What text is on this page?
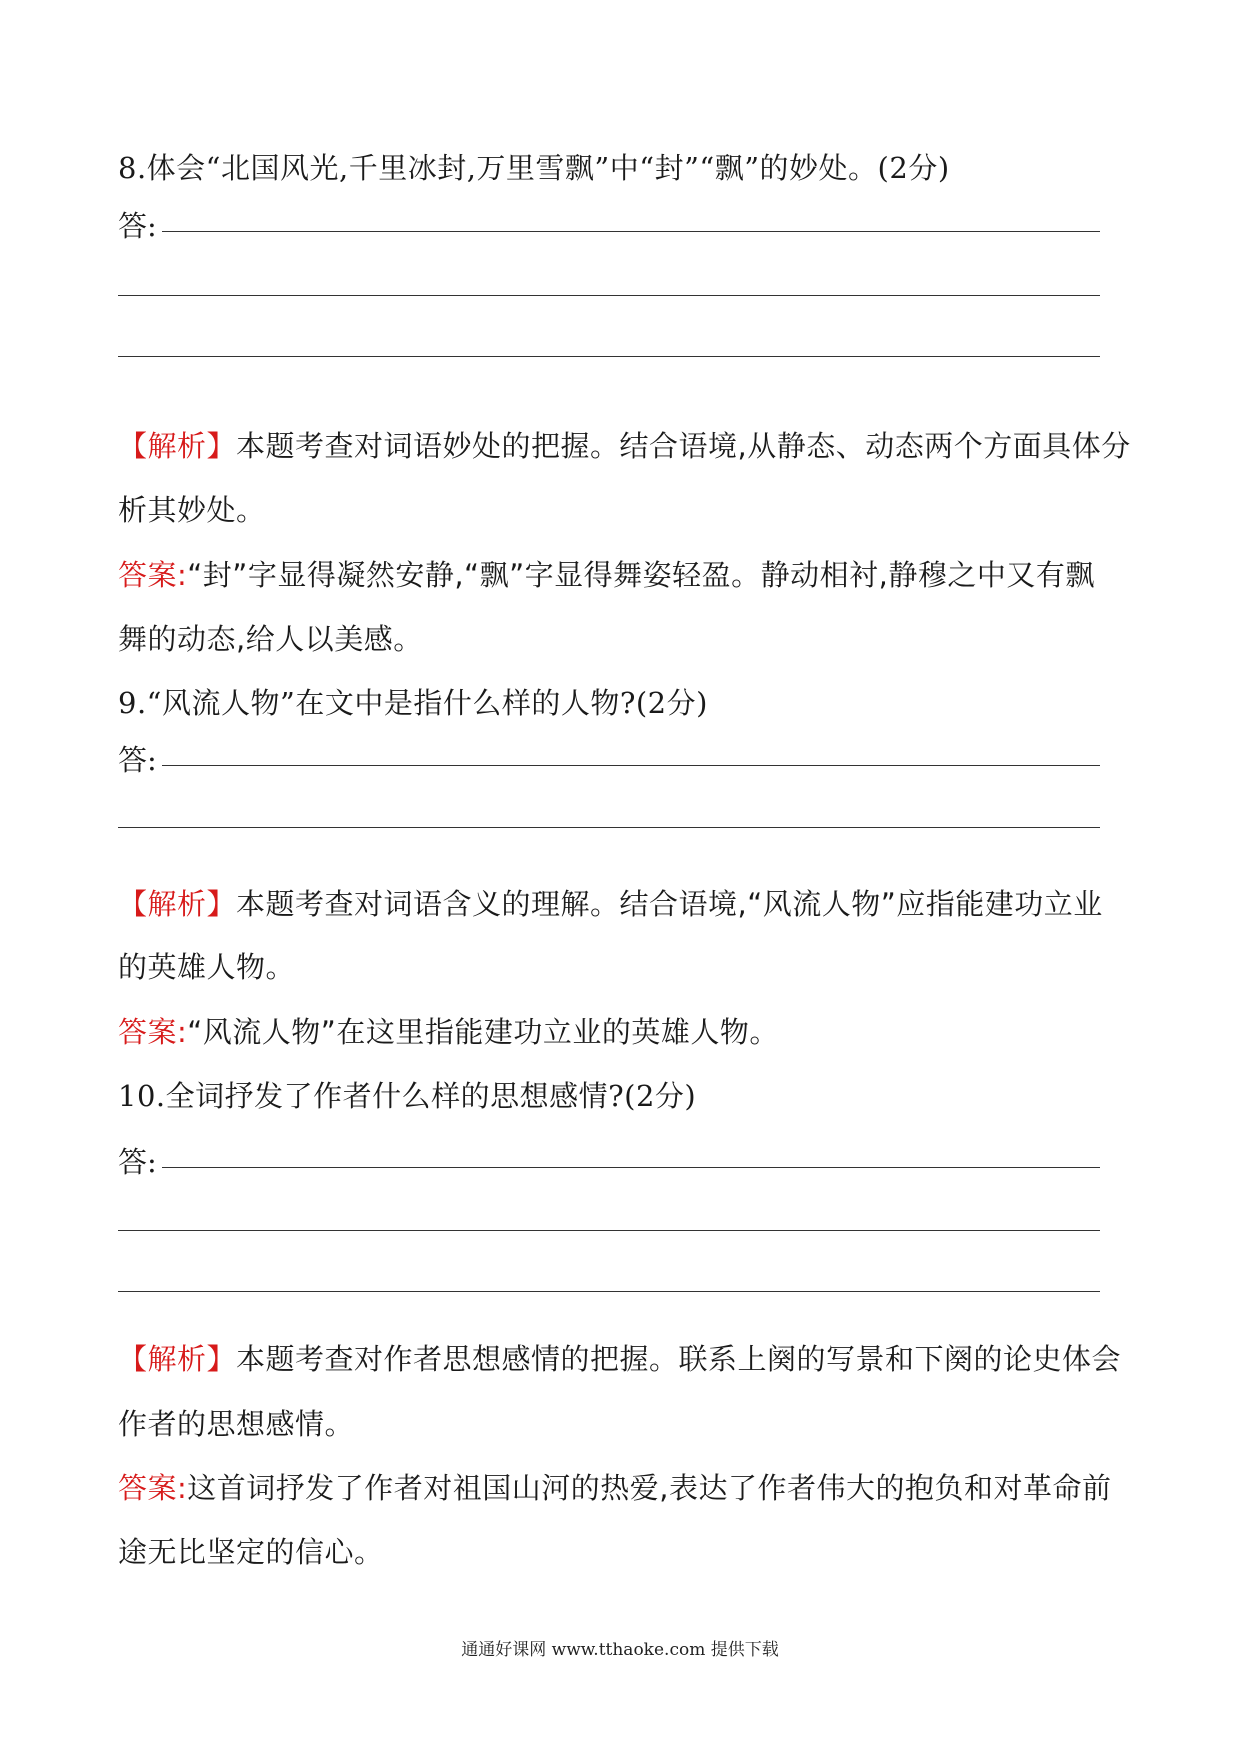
8.体会“北国风光,千里冰封,万里雪飘”中“封”“飘”的妙处。(2分)
答:
【解析】本题考查对词语妙处的把握。结合语境,从静态、动态两个方面具体分
析其妙处。
答案:“封”字显得凝然安静,“飘”字显得舞姿轻盈。静动相衬,静穆之中又有飘
舞的动态,给人以美感。
9.“风流人物”在文中是指什么样的人物?(2分)
答:
【解析】本题考查对词语含义的理解。结合语境,“风流人物”应指能建功立业
的英雄人物。
答案:“风流人物”在这里指能建功立业的英雄人物。
10.全词抒发了作者什么样的思想感情?(2分)
答:
【解析】本题考查对作者思想感情的把握。联系上阕的写景和下阕的论史体会
作者的思想感情。
答案:这首词抒发了作者对祖国山河的热爱,表达了作者伟大的抱负和对革命前
途无比坚定的信心。
通通好课网 www.tthaoke.com 提供下载
